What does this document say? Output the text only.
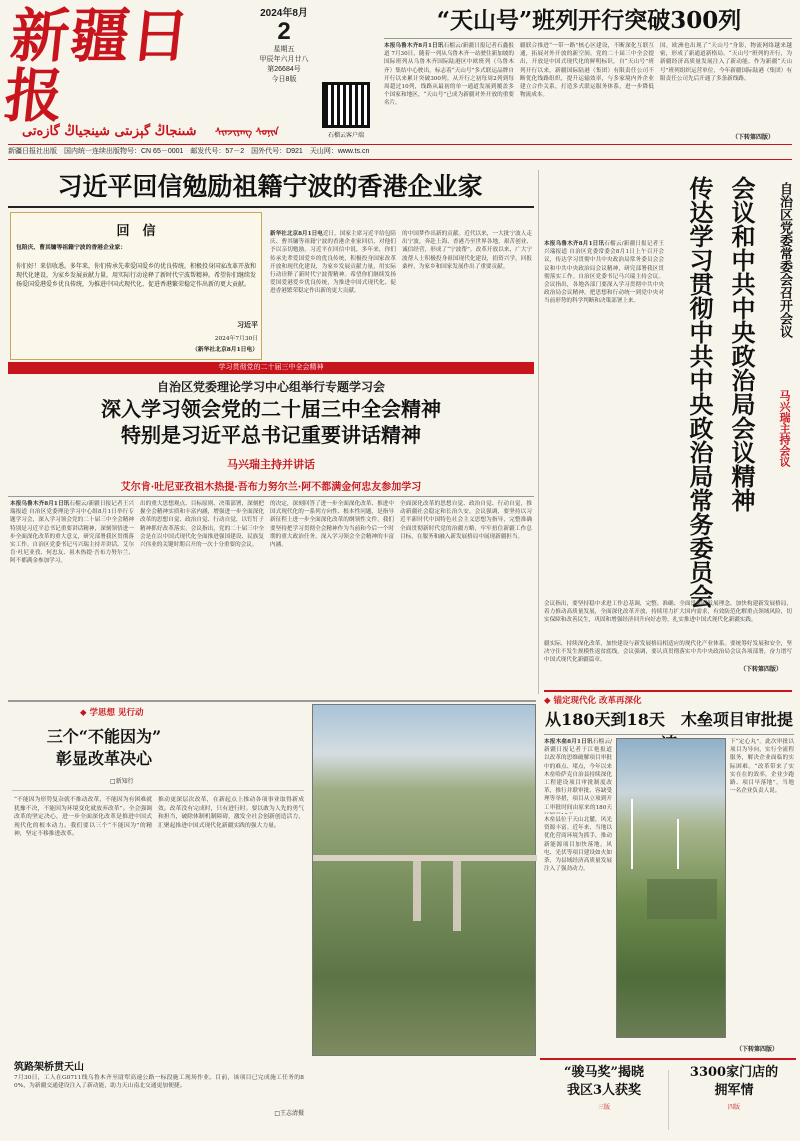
新疆日报
شىنجاڭ گېزىتى شينجياڭ گازەتى	ᠰᠢᠨᠵᠢᠶᠠᠩ ᠰᠣᠨᠢᠨ
2024年8月
2
星期五
甲辰年六月廿八
第26684号
今日8版
石榴云客户端
“天山号”班列开行突破300列
本报乌鲁木齐8月1日讯石榴云/新疆日报记者石鑫报道 7月30日，随着一列从乌鲁木齐一站驶往新加坡的国际班列从乌鲁木齐国际陆港区中欧班列（乌鲁木齐）集结中心驶出，标志着“天山号”多式联运品牌自开行以来累计突破300列。从开行之初每周2列到每周超过10列，线路从最初的单一通道发展到覆盖多个国家和地区，“天山号”已成为新疆对外开放的重要名片。
疆联合推进“一带一路”核心区建设，不断深化互联互通，拓展对外开放的新空间。党的二十届三中全会提出，开放是中国式现代化的鲜明标识。自“天山号”班列开行以来，新疆国际陆港（集团）有限责任公司不断优化线路组织，提升运输效率，与多家境内外企业建立合作关系，打造多式联运服务体系，进一步降低物流成本。
国，欧洲也出现了“天山号”身影，物流网络越来越密，形成了新通道新格局。“天山号”班列的开行，为新疆经济高质量发展注入了新动能。作为新疆“天山号”班列组织运营单位，今年新疆国际陆港（集团）有限责任公司先后开通了多条新线路。
（下转第四版）
新疆日报社出版　国内统一连续出版物号：CN 65－0001　邮发代号：57－2　国外代号：D921　天山网：www.ts.cn
习近平回信勉励祖籍宁波的香港企业家
回　信
包陪庆、曹其镛等祖籍宁波的香港企业家：
你们好！来信收悉。多年来，你们传承先辈爱国爱乡的优良传统，积极投身国家改革开放和现代化建设，为家乡发展贡献力量，用实际行动诠释了新时代宁波帮精神。希望你们继续发扬爱国爱港爱乡优良传统，为推进中国式现代化、促进香港繁荣稳定作出新的更大贡献。
习近平
2024年7月30日
（新华社北京8月1日电）
新华社北京8月1日电近日，国家主席习近平给包陪庆、曹其镛等祖籍宁波的香港企业家回信，对他们予以亲切勉励。习近平在回信中说，多年来，你们传承先辈爱国爱乡的优良传统，积极投身国家改革开放和现代化建设，为家乡发展贡献力量，用实际行动诠释了新时代宁波帮精神。希望你们继续发扬爱国爱港爱乡优良传统，为推进中国式现代化、促进香港繁荣稳定作出新的更大贡献。
的中国梦作出新的贡献。近代以来，一大批宁波人走出宁波，奔赴上海、香港乃至世界各地，艰苦创业、诚信经营，形成了“宁波帮”。改革开放以来，广大宁波帮人士积极投身祖国现代化建设，捐资兴学，回报桑梓，为家乡和国家发展作出了重要贡献。
学习贯彻党的二十届三中全会精神
自治区党委理论学习中心组举行专题学习会
深入学习领会党的二十届三中全会精神
特别是习近平总书记重要讲话精神
马兴瑞主持并讲话
艾尔肯·吐尼亚孜祖木热提·吾布力努尔兰·阿不都满金何忠友参加学习
本报乌鲁木齐8月1日讯石榴云/新疆日报记者王兴瑞报道 自治区党委理论学习中心组8月1日举行专题学习会，深入学习领会党的二十届三中全会精神特别是习近平总书记重要讲话精神，深刻领悟进一步全面深化改革的重大意义，研究部署我区贯彻落实工作。自治区党委书记马兴瑞主持并讲话。艾尔肯·吐尼亚孜、何忠友、祖木热提·吾布力努尔兰、阿不都满金参加学习。
出的重大思想观点、目标原则、决策部署，深刻把握全会精神实质和丰富内涵，增强进一步全面深化改革的思想自觉、政治自觉、行动自觉，以钉钉子精神抓好改革落实。会议指出，党的二十届三中全会是在以中国式现代化全面推进强国建设、民族复兴伟业的关键时期召开的一次十分重要的会议。
的决定，深刻回答了进一步全面深化改革、推进中国式现代化的一系列方向性、根本性问题，是指导新征程上进一步全面深化改革的纲领性文件。我们要坚持把学习贯彻全会精神作为当前和今后一个时期的重大政治任务，深入学习领会全会精神的丰富内涵。
全面深化改革的思想自觉、政治自觉、行动自觉，推动新疆社会稳定和长治久安。会议强调，要坚持以习近平新时代中国特色社会主义思想为指导，完整准确全面贯彻新时代党的治疆方略，牢牢扭住新疆工作总目标，在服务和融入新发展格局中展现新疆担当。
本报乌鲁木齐8月1日讯石榴云/新疆日报记者王兴瑞报道 自治区党委常委会8月1日上午召开会议，传达学习贯彻中共中央政治局常务委员会会议和中共中央政治局会议精神，研究部署我区贯彻落实工作。自治区党委书记马兴瑞主持会议。会议指出，各地各部门要深入学习贯彻中共中央政治局会议精神，把思想和行动统一到党中央对当前形势的科学判断和决策部署上来。	传达学习贯彻中共中央政治局常务委员会 会议和中共中央政治局会议精神	自治区党委常委会召开会议
马兴瑞主持会议
会议指出，要坚持稳中求进工作总基调，完整、准确、全面贯彻新发展理念，加快构建新发展格局，着力推动高质量发展，全面深化改革开放，持续用力扩大国内需求，有效防范化解重点领域风险，切实保障和改善民生，巩固和增强经济回升向好态势，扎实推进中国式现代化新疆实践。
疆实际，持续深化改革，加快建设与新发展格局相适应的现代化产业体系。要统筹好发展和安全，坚决守住不发生规模性返贫底线。会议强调，要认真贯彻落实中共中央政治局会议各项部署，奋力谱写中国式现代化新疆篇章。
（下转第四版）
◆ 锚定现代化 改革再深化
从180天到18天　木垒项目审批提
本报木垒8月1日讯石榴云/新疆日报记者于江艳报道 以改革的思维破解项目审批中的难点、堵点，今年以来木垒哈萨克自治县持续深化工程建设项目审批制度改革，推行并联审批、容缺受理等举措，项目从立项到开工审批时间由原来的180天
下“定心丸”。此次审批以项目为导向，实行全流程服务，解决企业面临的实际困难。“改革带来了实实在在的效率，企业少跑路、项目早落地”，当地一名企业负责人说。
木垒县位于天山北麓，风光资源丰富。近年来，当地以优化营商环境为抓手，推动新能源项目加快落地，风电、光伏等项目建设如火如荼，为县域经济高质量发展注入了强劲动力。
（下转第四版）
◆ 学思想 见行动
三个“不能因为”
彰显改革决心
□新知行
“不能因为形势复杂就不推动改革，不能因为有困难就犹豫不决，不能因为环境变化就放弃改革”。全会强调改革的坚定决心，进一步全面深化改革是推进中国式现代化的根本动力。我们要以三个“不能因为”的精神，坚定不移推进改革。
推动更深层次改革，在新起点上推动各项事业取得新成效。改革没有完成时，只有进行时。要以敢为人先的勇气和担当，破除体制机制障碍，激发全社会创新创造活力，汇聚起推进中国式现代化新疆实践的强大力量。
筑路架桥贯天山
7月30日，工人在G0711线乌鲁木齐至尉犁高速公路一标段施工现场作业。目前，该项目已完成施工任务的80%，为新疆交通建设注入了新动能，助力天山南北交通更加便捷。
□王志清摄
“骏马奖”揭晓
我区3人获奖
三版
3300家门店的
拥军情
四版
